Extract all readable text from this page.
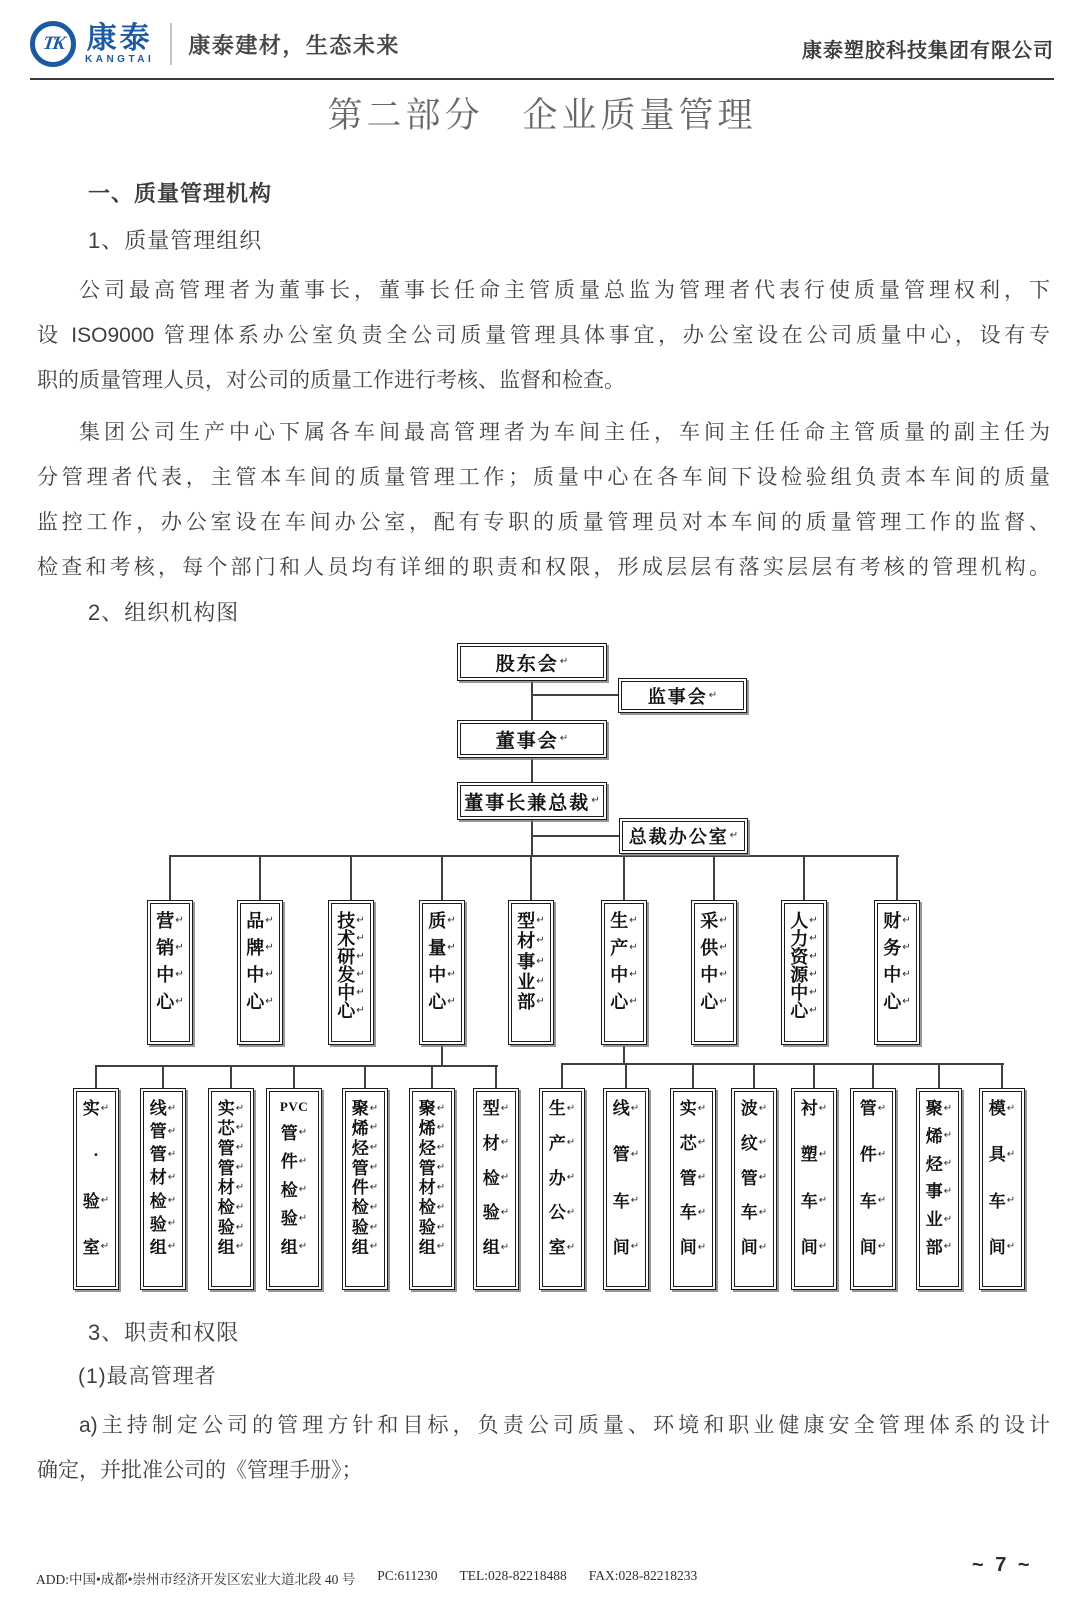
TK 康泰
KANGTAI
康泰建材，生态未来	康泰塑胶科技集团有限公司
第二部分　企业质量管理
一、质量管理机构
1、质量管理组织
公司最高管理者为董事长，董事长任命主管质量总监为管理者代表行使质量管理权利，下
设 ISO9000 管理体系办公室负责全公司质量管理具体事宜，办公室设在公司质量中心，设有专
职的质量管理人员，对公司的质量工作进行考核、监督和检查。
集团公司生产中心下属各车间最高管理者为车间主任，车间主任任命主管质量的副主任为
分管理者代表，主管本车间的质量管理工作；质量中心在各车间下设检验组负责本车间的质量
监控工作，办公室设在车间办公室，配有专职的质量管理员对本车间的质量管理工作的监督、
检查和考核，每个部门和人员均有详细的职责和权限，形成层层有落实层层有考核的管理机构。
2、组织机构图
股东会 ↵
监事会 ↵
董事会 ↵
董事长兼总裁 ↵
总裁办公室 ↵
营 ↵
销 ↵
中 ↵
心 ↵
品 ↵
牌 ↵
中 ↵
心 ↵
技 ↵
术 ↵
研 ↵
发 ↵
中 ↵
心 ↵
质 ↵
量 ↵
中 ↵
心 ↵
型 ↵
材 ↵
事 ↵
业 ↵
部 ↵
生 ↵
产 ↵
中 ↵
心 ↵
采 ↵
供 ↵
中 ↵
心 ↵
人 ↵
力 ↵
资 ↵
源 ↵
中 ↵
心 ↵
财 ↵
务 ↵
中 ↵
心 ↵
实 ↵
·
验 ↵
室 ↵
线 ↵
管 ↵
管 ↵
材 ↵
检 ↵
验 ↵
组 ↵
实 ↵
芯 ↵
管 ↵
管 ↵
材 ↵
检 ↵
验 ↵
组 ↵
PVC
管 ↵
件 ↵
检 ↵
验 ↵
组 ↵
聚 ↵
烯 ↵
烃 ↵
管 ↵
件 ↵
检 ↵
验 ↵
组 ↵
聚 ↵
烯 ↵
烃 ↵
管 ↵
材 ↵
检 ↵
验 ↵
组 ↵
型 ↵
材 ↵
检 ↵
验 ↵
组 ↵
生 ↵
产 ↵
办 ↵
公 ↵
室 ↵
线 ↵
管 ↵
车 ↵
间 ↵
实 ↵
芯 ↵
管 ↵
车 ↵
间 ↵
波 ↵
纹 ↵
管 ↵
车 ↵
间 ↵
衬 ↵
塑 ↵
车 ↵
间 ↵
管 ↵
件 ↵
车 ↵
间 ↵
聚 ↵
烯 ↵
烃 ↵
事 ↵
业 ↵
部 ↵
模 ↵
具 ↵
车 ↵
间 ↵
3、职责和权限
(1)最高管理者
a)主持制定公司的管理方针和目标，负责公司质量、环境和职业健康安全管理体系的设计
确定，并批准公司的《管理手册》；
ADD:中国•成都•崇州市经济开发区宏业大道北段 40 号 PC:611230 TEL:028-82218488 FAX:028-82218233	~ 7 ~
